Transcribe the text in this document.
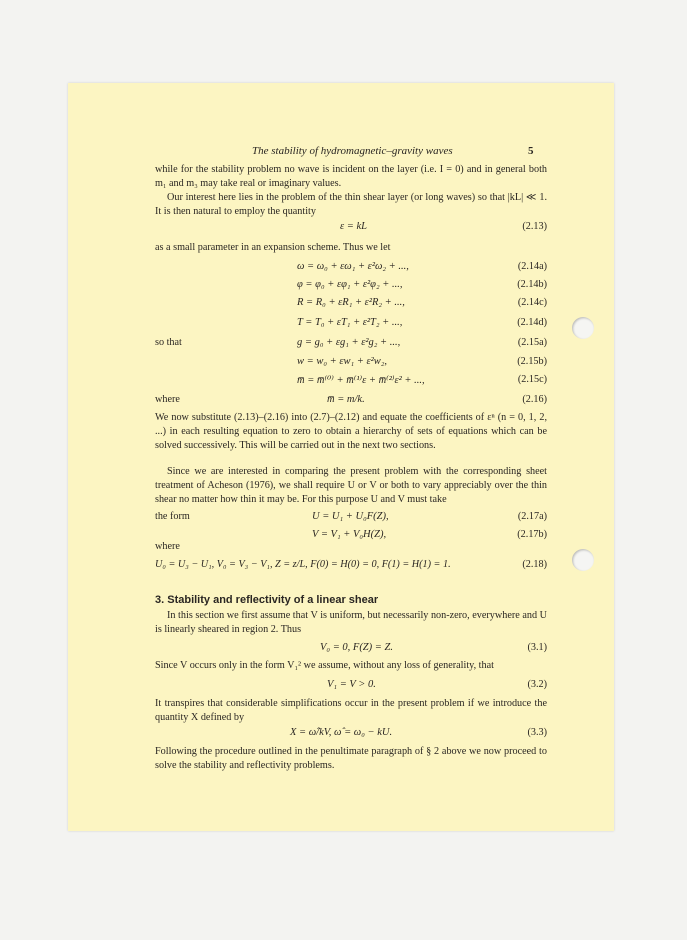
The stability of hydromagnetic–gravity waves	5
while for the stability problem no wave is incident on the layer (i.e. I = 0) and in general both m₁ and m₃ may take real or imaginary values.
Our interest here lies in the problem of the thin shear layer (or long waves) so that |kL| ≪ 1. It is then natural to employ the quantity
ε = kL	(2.13)
as a small parameter in an expansion scheme. Thus we let
ω = ω₀ + εω₁ + ε²ω₂ + ...,	(2.14a)
φ = φ₀ + εφ₁ + ε²φ₂ + ...,	(2.14b)
R = R₀ + εR₁ + ε²R₂ + ...,	(2.14c)
T = T₀ + εT₁ + ε²T₂ + ...,	(2.14d)
so that	g = g₀ + εg₁ + ε²g₂ + ...,	(2.15a)
w = w₀ + εw₁ + ε²w₂,	(2.15b)
m̅ = m̅⁽⁰⁾ + m̅⁽¹⁾ε + m̅⁽²⁾ε² + ...,	(2.15c)
where	m̅ = m/k.	(2.16)
We now substitute (2.13)–(2.16) into (2.7)–(2.12) and equate the coefficients of εⁿ (n = 0, 1, 2, ...) in each resulting equation to zero to obtain a hierarchy of sets of equations which can be solved successively. This will be carried out in the next two sections.
Since we are interested in comparing the present problem with the corresponding sheet treatment of Acheson (1976), we shall require U or V or both to vary appreciably over the thin shear no matter how thin it may be. For this purpose U and V must take
the form	U = U₁ + U₀F(Z),	(2.17a)
V = V₁ + V₀H(Z),	(2.17b)
where
U₀ = U₃ − U₁, V₀ = V₃ − V₁, Z = z/L, F(0) = H(0) = 0, F(1) = H(1) = 1.	(2.18)
3. Stability and reflectivity of a linear shear
In this section we first assume that V is uniform, but necessarily non-zero, everywhere and U is linearly sheared in region 2. Thus
V₀ = 0, F(Z) = Z.	(3.1)
Since V occurs only in the form V₁² we assume, without any loss of generality, that
V₁ = V > 0.	(3.2)
It transpires that considerable simplifications occur in the present problem if we introduce the quantity X defined by
X = ω̂/kV, ω̂ = ω₀ − kU.	(3.3)
Following the procedure outlined in the penultimate paragraph of § 2 above we now proceed to solve the stability and reflectivity problems.
